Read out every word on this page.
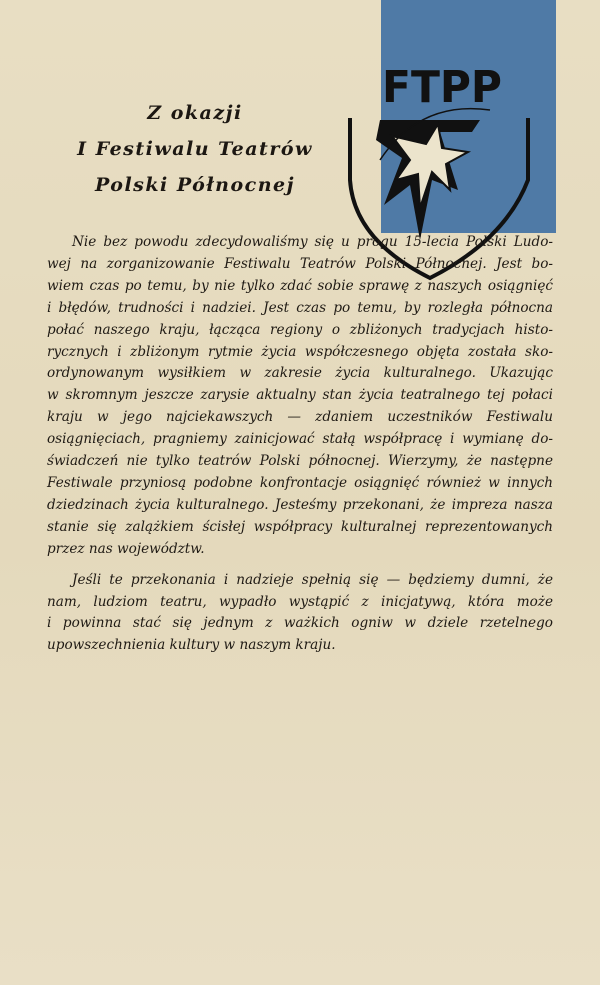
Z okazji
I Festiwalu Teatrów
Polski Północnej
FTPP
Nie bez powodu zdecydowaliśmy się u progu 15-lecia Polski Ludo-
wej na zorganizowanie Festiwalu Teatrów Polski Północnej. Jest bo-
wiem czas po temu, by nie tylko zdać sobie sprawę z naszych osiągnięć
i błędów, trudności i nadziei. Jest czas po temu, by rozległa północna
połać naszego kraju, łącząca regiony o zbliżonych tradycjach histo-
rycznych i zbliżonym rytmie życia współczesnego objęta została sko-
ordynowanym wysiłkiem w zakresie życia kulturalnego. Ukazując
w skromnym jeszcze zarysie aktualny stan życia teatralnego tej połaci
kraju w jego najciekawszych — zdaniem uczestników Festiwalu
osiągnięciach, pragniemy zainicjować stałą współpracę i wymianę do-
świadczeń nie tylko teatrów Polski północnej. Wierzymy, że następne
Festiwale przyniosą podobne konfrontacje osiągnięć również w innych
dziedzinach życia kulturalnego. Jesteśmy przekonani, że impreza nasza
stanie się zalążkiem ścisłej współpracy kulturalnej reprezentowanych
przez nas województw.
Jeśli te przekonania i nadzieje spełnią się — będziemy dumni, że
nam, ludziom teatru, wypadło wystąpić z inicjatywą, która może
i powinna stać się jednym z ważkich ogniw w dziele rzetelnego
upowszechnienia kultury w naszym kraju.
